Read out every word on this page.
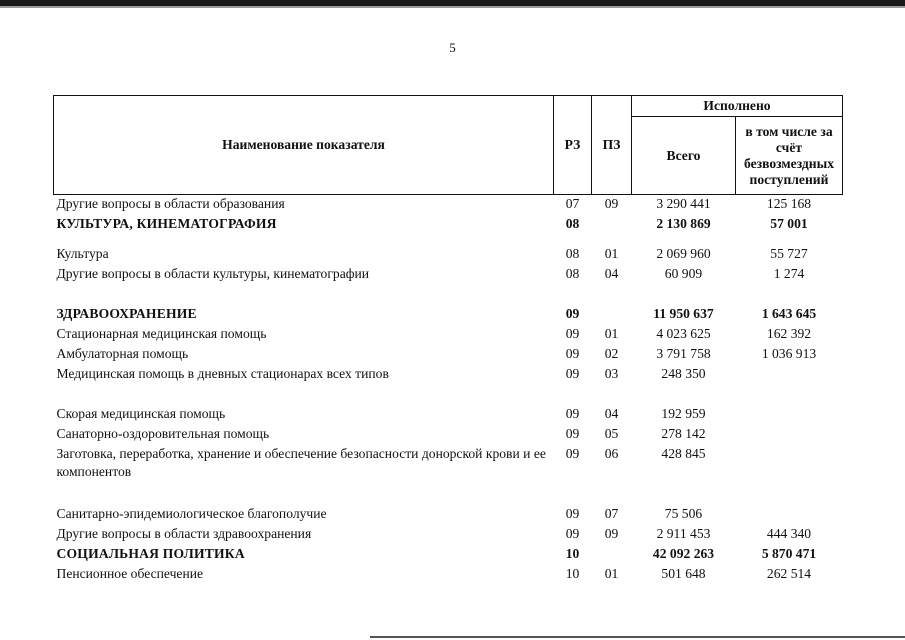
5
Наименование показателя	РЗ	ПЗ	Исполнено	
			Всего	в том числе за счёт безвозмездных поступлений
Другие вопросы в области образования	07	09	3 290 441	125 168
КУЛЬТУРА, КИНЕМАТОГРАФИЯ	08		2 130 869	57 001
Культура	08	01	2 069 960	55 727
Другие вопросы в области культуры, кинематографии	08	04	60 909	1 274
ЗДРАВООХРАНЕНИЕ	09		11 950 637	1 643 645
Стационарная медицинская помощь	09	01	4 023 625	162 392
Амбулаторная помощь	09	02	3 791 758	1 036 913
Медицинская помощь в дневных стационарах всех типов	09	03	248 350	
Скорая медицинская помощь	09	04	192 959	
Санаторно-оздоровительная помощь	09	05	278 142	
Заготовка, переработка, хранение и обеспечение безопасности донорской крови и ее компонентов	09	06	428 845	
Санитарно-эпидемиологическое благополучие	09	07	75 506	
Другие вопросы в области здравоохранения	09	09	2 911 453	444 340
СОЦИАЛЬНАЯ ПОЛИТИКА	10		42 092 263	5 870 471
Пенсионное обеспечение	10	01	501 648	262 514
